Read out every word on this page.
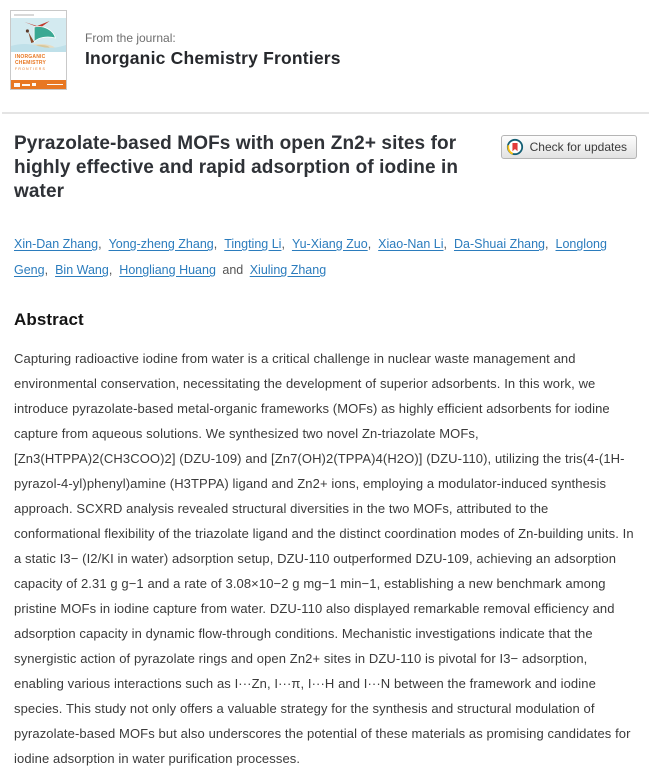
INORGANIC
CHEMISTRY
FRONTIERS
From the journal:
Inorganic Chemistry Frontiers
Pyrazolate-based MOFs with open Zn2+ sites for highly effective and rapid adsorption of iodine in water
Check for updates
Xin-Dan Zhang, Yong-zheng Zhang, Tingting Li, Yu-Xiang Zuo, Xiao-Nan Li, Da-Shuai Zhang, Longlong Geng, Bin Wang, Hongliang Huang and Xiuling Zhang
Abstract

Capturing radioactive iodine from water is a critical challenge in nuclear waste management and environmental conservation, necessitating the development of superior adsorbents. In this work, we introduce pyrazolate-based metal-organic frameworks (MOFs) as highly efficient adsorbents for iodine capture from aqueous solutions. We synthesized two novel Zn-triazolate MOFs, [Zn3(HTPPA)2(CH3COO)2] (DZU-109) and [Zn7(OH)2(TPPA)4(H2O)] (DZU-110), utilizing the tris(4-(1H-pyrazol-4-yl)phenyl)amine (H3TPPA) ligand and Zn2+ ions, employing a modulator-induced synthesis approach. SCXRD analysis revealed structural diversities in the two MOFs, attributed to the conformational flexibility of the triazolate ligand and the distinct coordination modes of Zn-building units. In a static I3− (I2/KI in water) adsorption setup, DZU-110 outperformed DZU-109, achieving an adsorption capacity of 2.31 g g−1 and a rate of 3.08×10−2 g mg−1 min−1, establishing a new benchmark among pristine MOFs in iodine capture from water. DZU-110 also displayed remarkable removal efficiency and adsorption capacity in dynamic flow-through conditions. Mechanistic investigations indicate that the synergistic action of pyrazolate rings and open Zn2+ sites in DZU-110 is pivotal for I3− adsorption, enabling various interactions such as I···Zn, I···π, I···H and I···N between the framework and iodine species. This study not only offers a valuable strategy for the synthesis and structural modulation of pyrazolate-based MOFs but also underscores the potential of these materials as promising candidates for iodine adsorption in water purification processes.
